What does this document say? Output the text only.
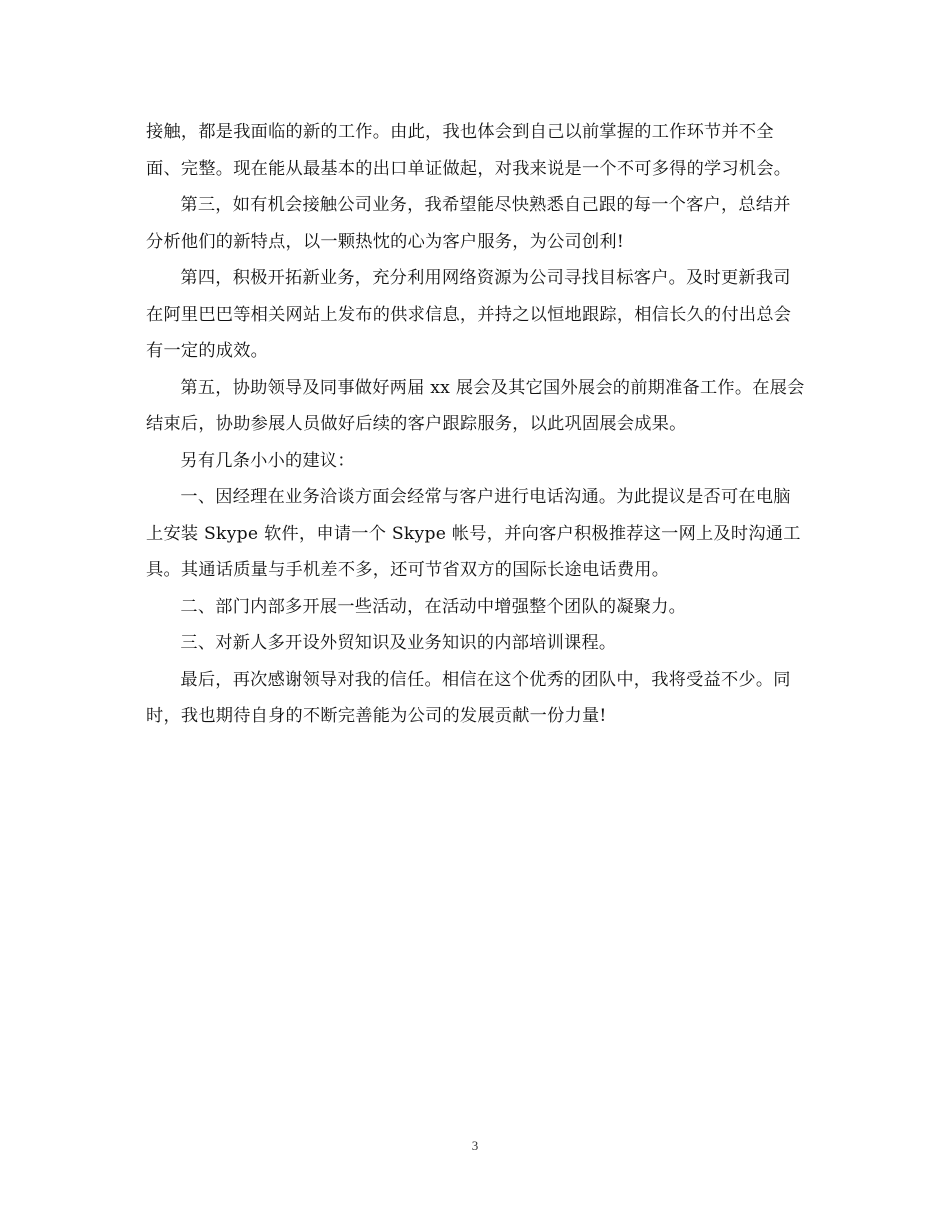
接触，都是我面临的新的工作。由此，我也体会到自己以前掌握的工作环节并不全面、完整。现在能从最基本的出口单证做起，对我来说是一个不可多得的学习机会。

第三，如有机会接触公司业务，我希望能尽快熟悉自己跟的每一个客户，总结并分析他们的新特点，以一颗热忱的心为客户服务，为公司创利!

第四，积极开拓新业务，充分利用网络资源为公司寻找目标客户。及时更新我司在阿里巴巴等相关网站上发布的供求信息，并持之以恒地跟踪，相信长久的付出总会有一定的成效。

第五，协助领导及同事做好两届 xx 展会及其它国外展会的前期准备工作。在展会结束后，协助参展人员做好后续的客户跟踪服务，以此巩固展会成果。

另有几条小小的建议：

一、因经理在业务洽谈方面会经常与客户进行电话沟通。为此提议是否可在电脑上安装 Skype 软件，申请一个 Skype 帐号，并向客户积极推荐这一网上及时沟通工具。其通话质量与手机差不多，还可节省双方的国际长途电话费用。

二、部门内部多开展一些活动，在活动中增强整个团队的凝聚力。

三、对新人多开设外贸知识及业务知识的内部培训课程。

最后，再次感谢领导对我的信任。相信在这个优秀的团队中，我将受益不少。同时，我也期待自身的不断完善能为公司的发展贡献一份力量!

3
